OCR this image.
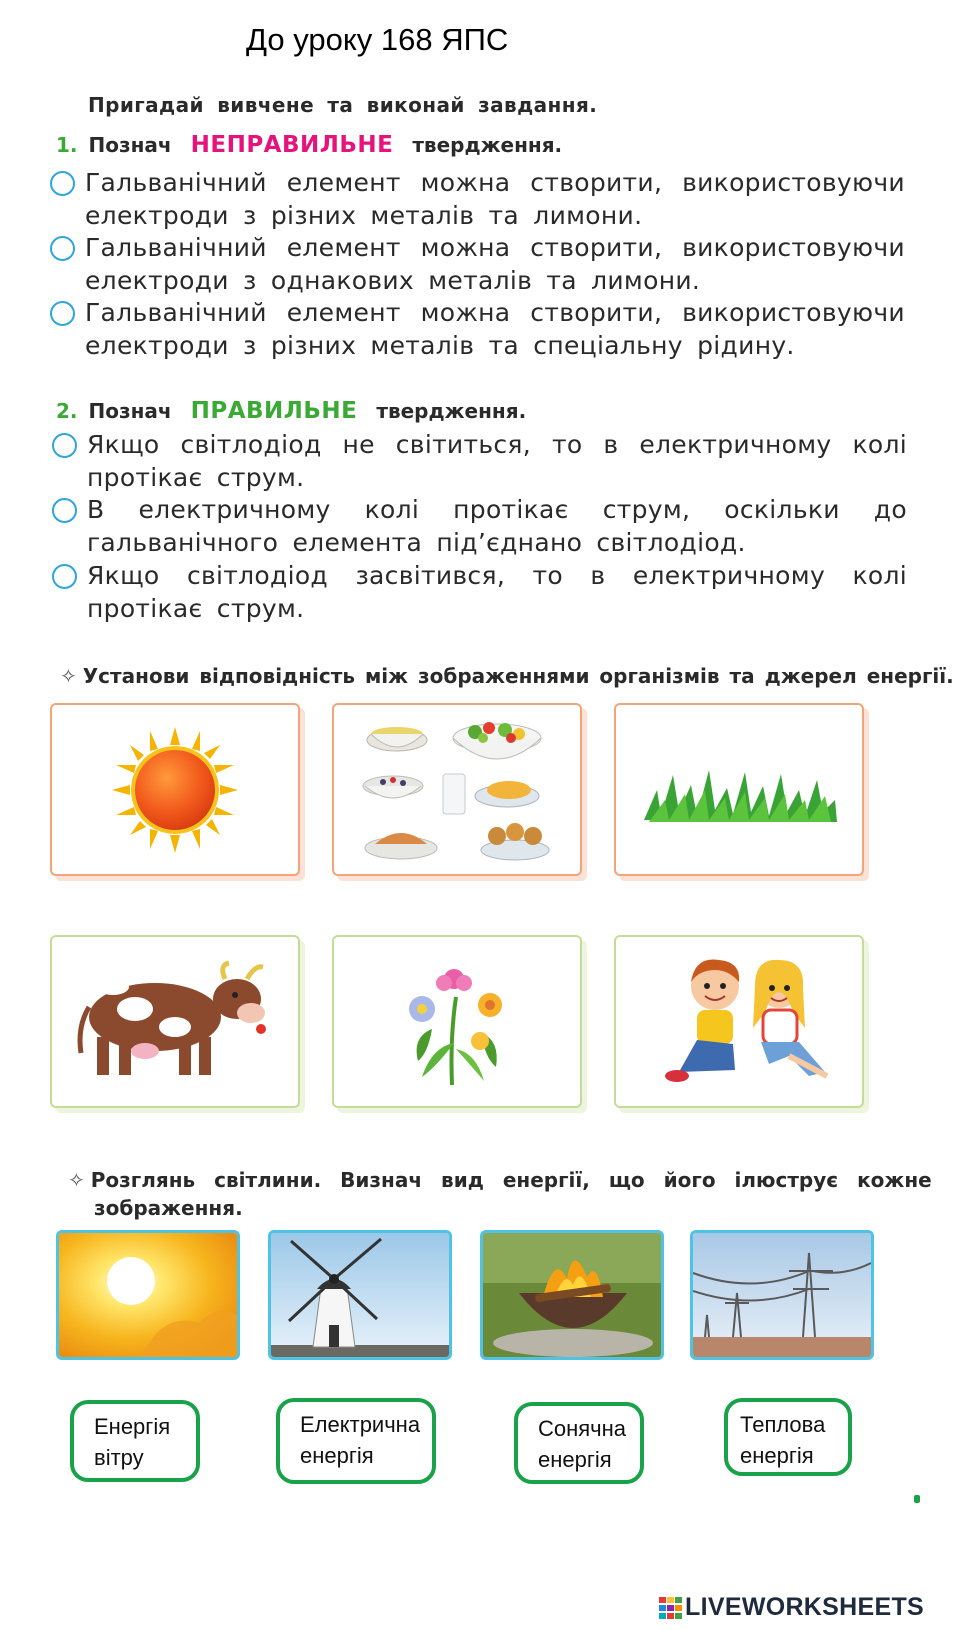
До уроку 168 ЯПС
Пригадай вивчене та виконай завдання.
1. Познач НЕПРАВИЛЬНЕ твердження.
Гальванічний елемент можна створити, використовуючи електроди з різних металів та лимони.
Гальванічний елемент можна створити, використовуючи електроди з однакових металів та лимони.
Гальванічний елемент можна створити, використовуючи електроди з різних металів та спеціальну рідину.
2. Познач ПРАВИЛЬНЕ твердження.
Якщо світлодіод не світиться, то в електричному колі протікає струм.
В електричному колі протікає струм, оскільки до гальванічного елемента під’єднано світлодіод.
Якщо світлодіод засвітився, то в електричному колі протікає струм.
✧ Установи відповідність між зображеннями організмів та джерел енергії.
✧ Розглянь світлини. Визнач вид енергії, що його ілюструє кожне
зображення.
Енергія
вітру
Електрична
енергія
Сонячна
енергія
Теплова
енергія
LIVEWORKSHEETS
